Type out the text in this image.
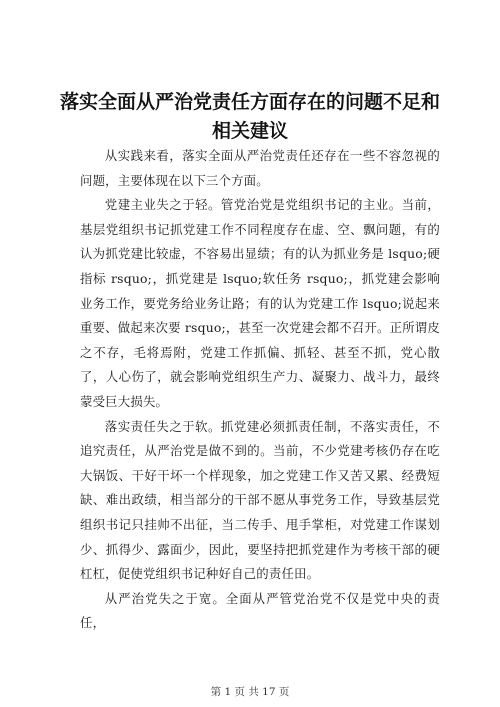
落实全面从严治党责任方面存在的问题不足和
相关建议

从实践来看，落实全面从严治党责任还存在一些不容忽视的问题，主要体现在以下三个方面。

党建主业失之于轻。管党治党是党组织书记的主业。当前，基层党组织书记抓党建工作不同程度存在虚、空、飘问题，有的认为抓党建比较虚，不容易出显绩；有的认为抓业务是 lsquo;硬指标 rsquo;，抓党建是 lsquo;软任务 rsquo;，抓党建会影响业务工作，要党务给业务让路；有的认为党建工作 lsquo;说起来重要、做起来次要 rsquo;，甚至一次党建会都不召开。正所谓皮之不存，毛将焉附，党建工作抓偏、抓轻、甚至不抓，党心散了，人心伤了，就会影响党组织生产力、凝聚力、战斗力，最终蒙受巨大损失。

落实责任失之于软。抓党建必须抓责任制，不落实责任，不追究责任，从严治党是做不到的。当前，不少党建考核仍存在吃大锅饭、干好干坏一个样现象，加之党建工作又苦又累、经费短缺、难出政绩，相当部分的干部不愿从事党务工作，导致基层党组织书记只挂帅不出征，当二传手、甩手掌柜，对党建工作谋划少、抓得少、露面少，因此，要坚持把抓党建作为考核干部的硬杠杠，促使党组织书记种好自己的责任田。

从严治党失之于宽。全面从严管党治党不仅是党中央的责任，

第 1 页 共 17 页
